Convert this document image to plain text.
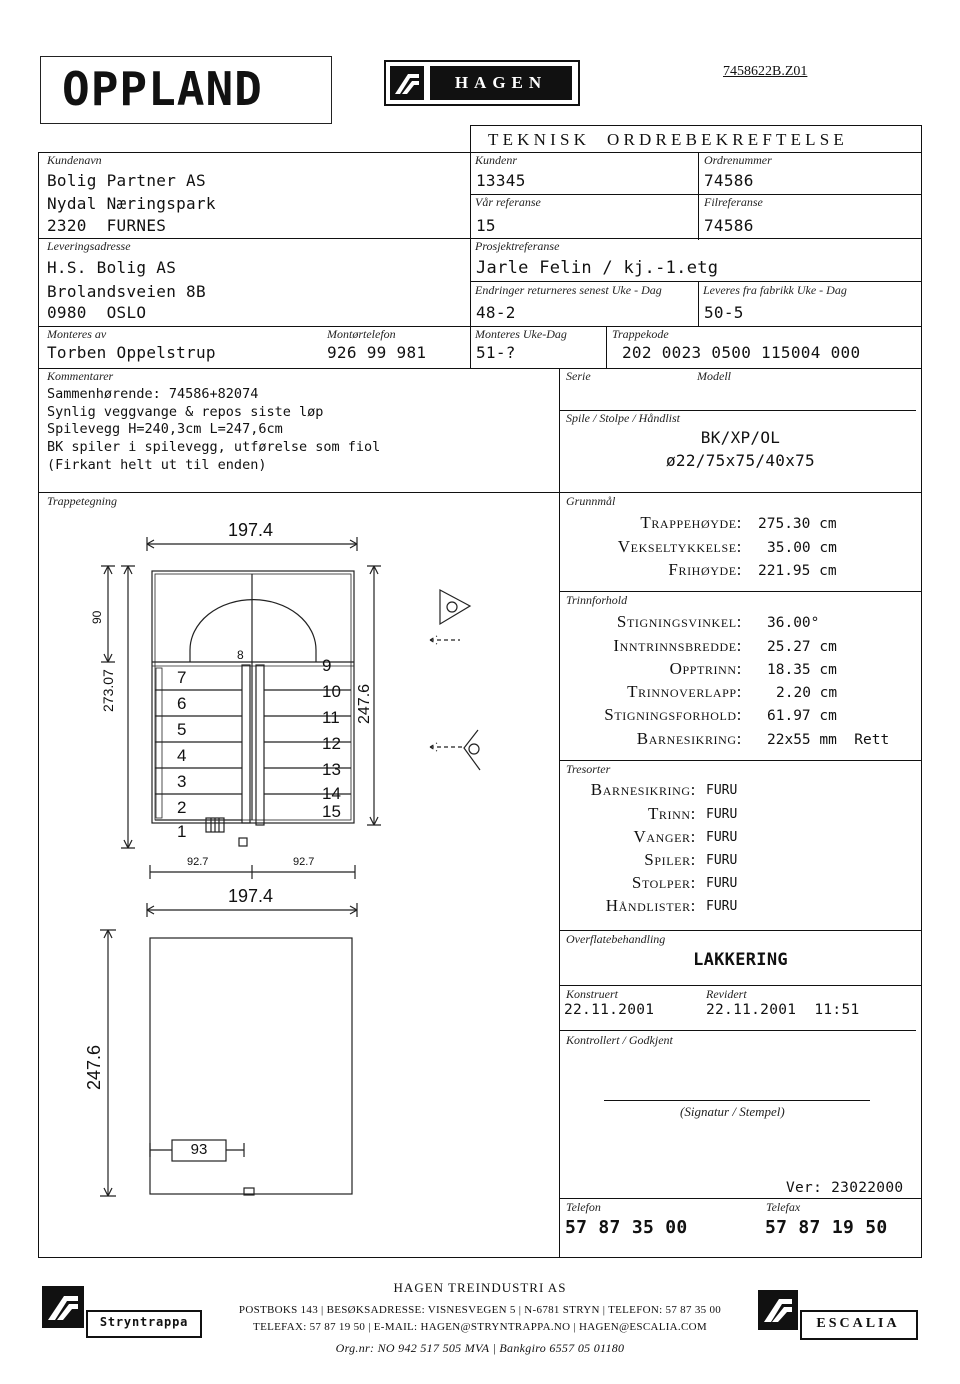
OPPLAND	HAGEN
7458622B.Z01
TEKNISK  ORDREBEKREFTELSE
Kundenavn
Bolig Partner AS
Nydal Næringspark
2320  FURNES
Kundenr
13345
Ordrenummer
74586
Vår referanse
15
Filreferanse
74586
Leveringsadresse
H.S. Bolig AS
Brolandsveien 8B
0980  OSLO
Prosjektreferanse
Jarle Felin / kj.-1.etg
Endringer returneres senest Uke - Dag
48-2
Leveres fra fabrikk Uke - Dag
50-5
Monteres av
Torben Oppelstrup
Montørtelefon
926 99 981
Monteres Uke-Dag
51-?
Trappekode
202 0023 0500 115004 000
Kommentarer
Sammenhørende: 74586+82074
Synlig veggvange & repos siste løp
Spilevegg H=240,3cm L=247,6cm
BK spiler i spilevegg, utførelse som fiol
(Firkant helt ut til enden)
Serie	Modell
Spile / Stolpe / Håndlist
BK/XP/OL
ø22/75x75/40x75
Trappetegning
197.4
273.07
90
247.6
92.7	92.7
197.4
247.6
93
7
6
5
4
3
2
1
8
9
10
11
12
13
14
15
Grunnmål
Trappehøyde: 275.30 cm
Vekseltykkelse: 35.00 cm
Frihøyde: 221.95 cm
Trinnforhold
Stigningsvinkel: 36.00°
Inntrinnsbredde: 25.27 cm
Opptrinn: 18.35 cm
Trinnoverlapp: 2.20 cm
Stigningsforhold: 61.97 cm
Barnesikring: 22x55 mm  Rett
Tresorter
Barnesikring: FURU
Trinn: FURU
Vanger: FURU
Spiler: FURU
Stolper: FURU
Håndlister: FURU
Overflatebehandling
LAKKERING
Konstruert
22.11.2001
Revidert
22.11.2001  11:51
Kontrollert / Godkjent
(Signatur / Stempel)
Ver: 23022000
Telefon
57 87 35 00
Telefax
57 87 19 50
Stryntrappa
HAGEN TREINDUSTRI AS
POSTBOKS 143 | BESØKSADRESSE: VISNESVEGEN 5 | N-6781 STRYN | TELEFON: 57 87 35 00
TELEFAX: 57 87 19 50 | E-MAIL: HAGEN@STRYNTRAPPA.NO | HAGEN@ESCALIA.COM
Org.nr: NO 942 517 505 MVA | Bankgiro 6557 05 01180
ESCALIA
